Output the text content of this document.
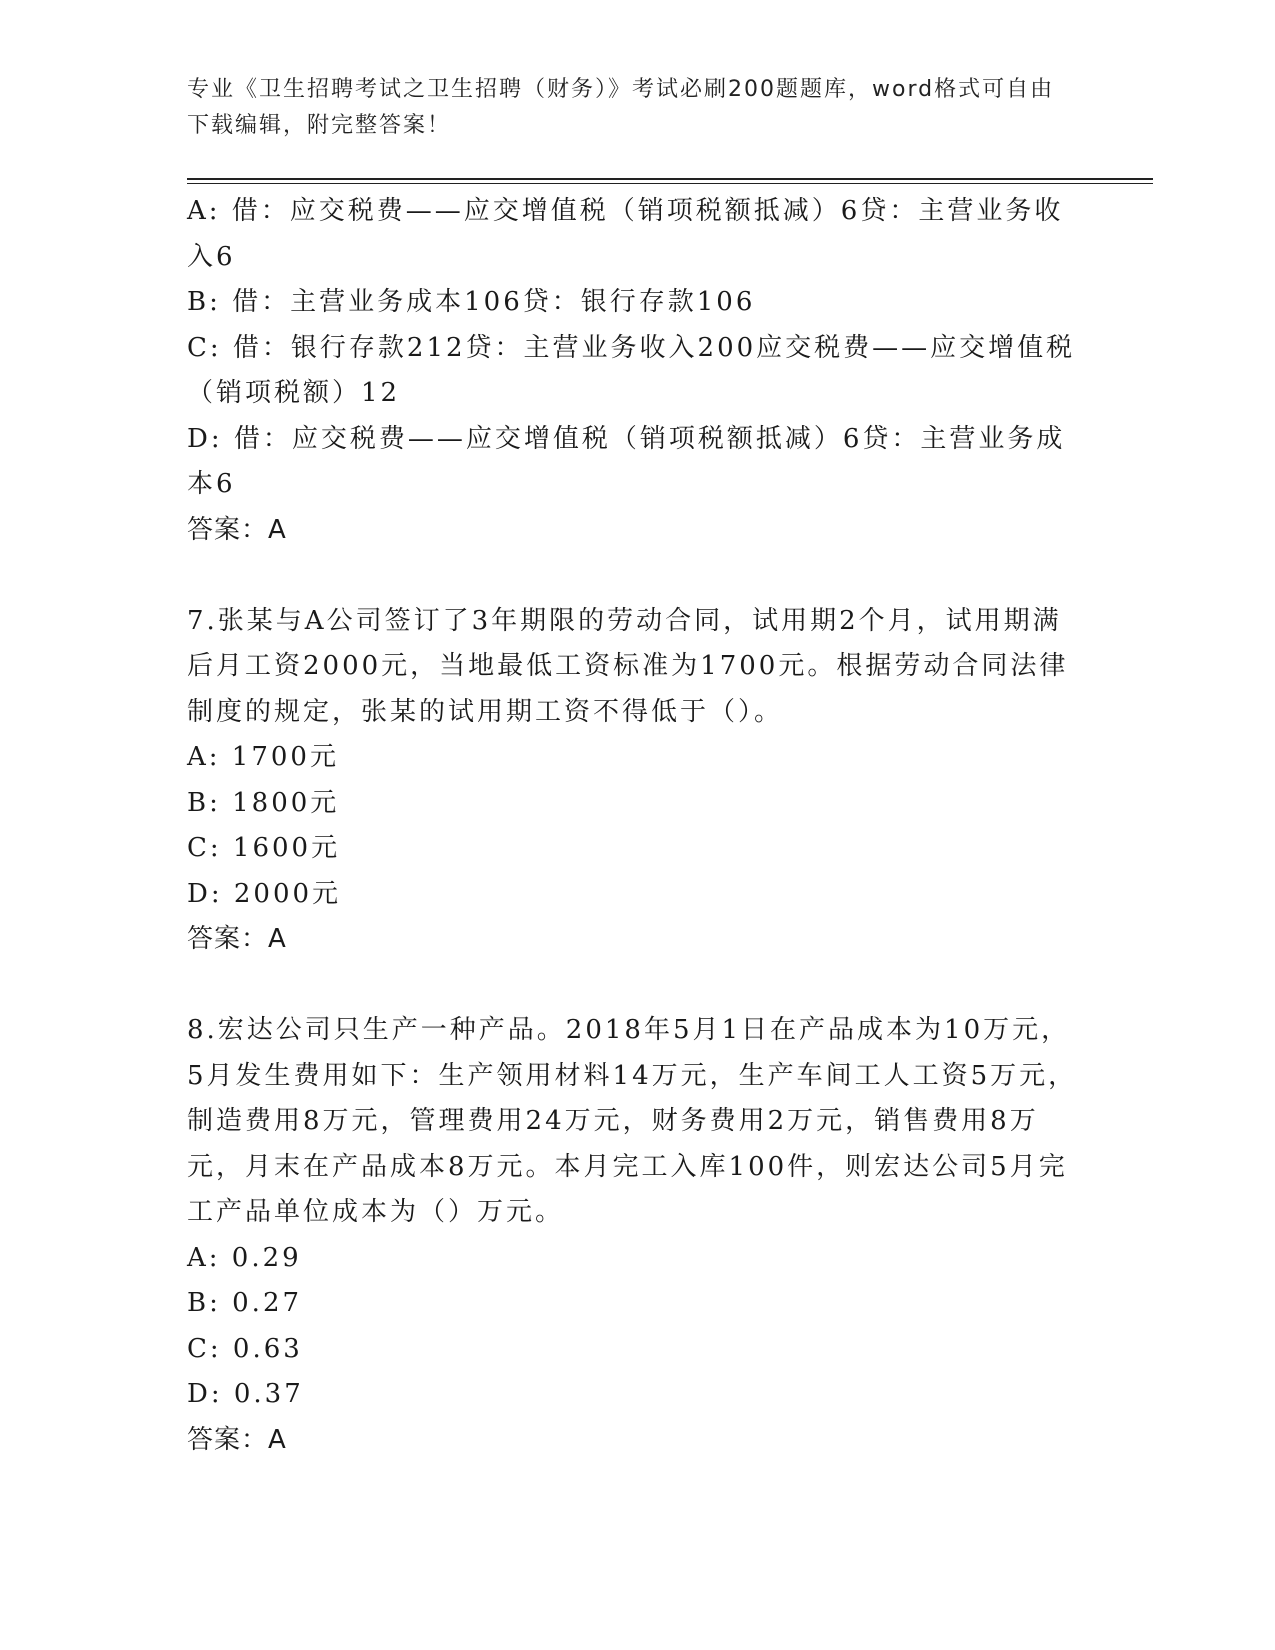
专业《卫生招聘考试之卫生招聘（财务）》考试必刷200题题库，word格式可自由下载编辑，附完整答案！

A: 借：应交税费——应交增值税（销项税额抵减）6贷：主营业务收入6

B: 借：主营业务成本106贷：银行存款106

C: 借：银行存款212贷：主营业务收入200应交税费——应交增值税（销项税额）12

D: 借：应交税费——应交增值税（销项税额抵减）6贷：主营业务成本6

答案：A

7.张某与A公司签订了3年期限的劳动合同，试用期2个月，试用期满后月工资2000元，当地最低工资标准为1700元。根据劳动合同法律制度的规定，张某的试用期工资不得低于（）。

A: 1700元

B: 1800元

C: 1600元

D: 2000元

答案：A

8.宏达公司只生产一种产品。2018年5月1日在产品成本为10万元，5月发生费用如下：生产领用材料14万元，生产车间工人工资5万元，制造费用8万元，管理费用24万元，财务费用2万元，销售费用8万元，月末在产品成本8万元。本月完工入库100件，则宏达公司5月完工产品单位成本为（）万元。

A: 0.29

B: 0.27

C: 0.63

D: 0.37

答案：A
